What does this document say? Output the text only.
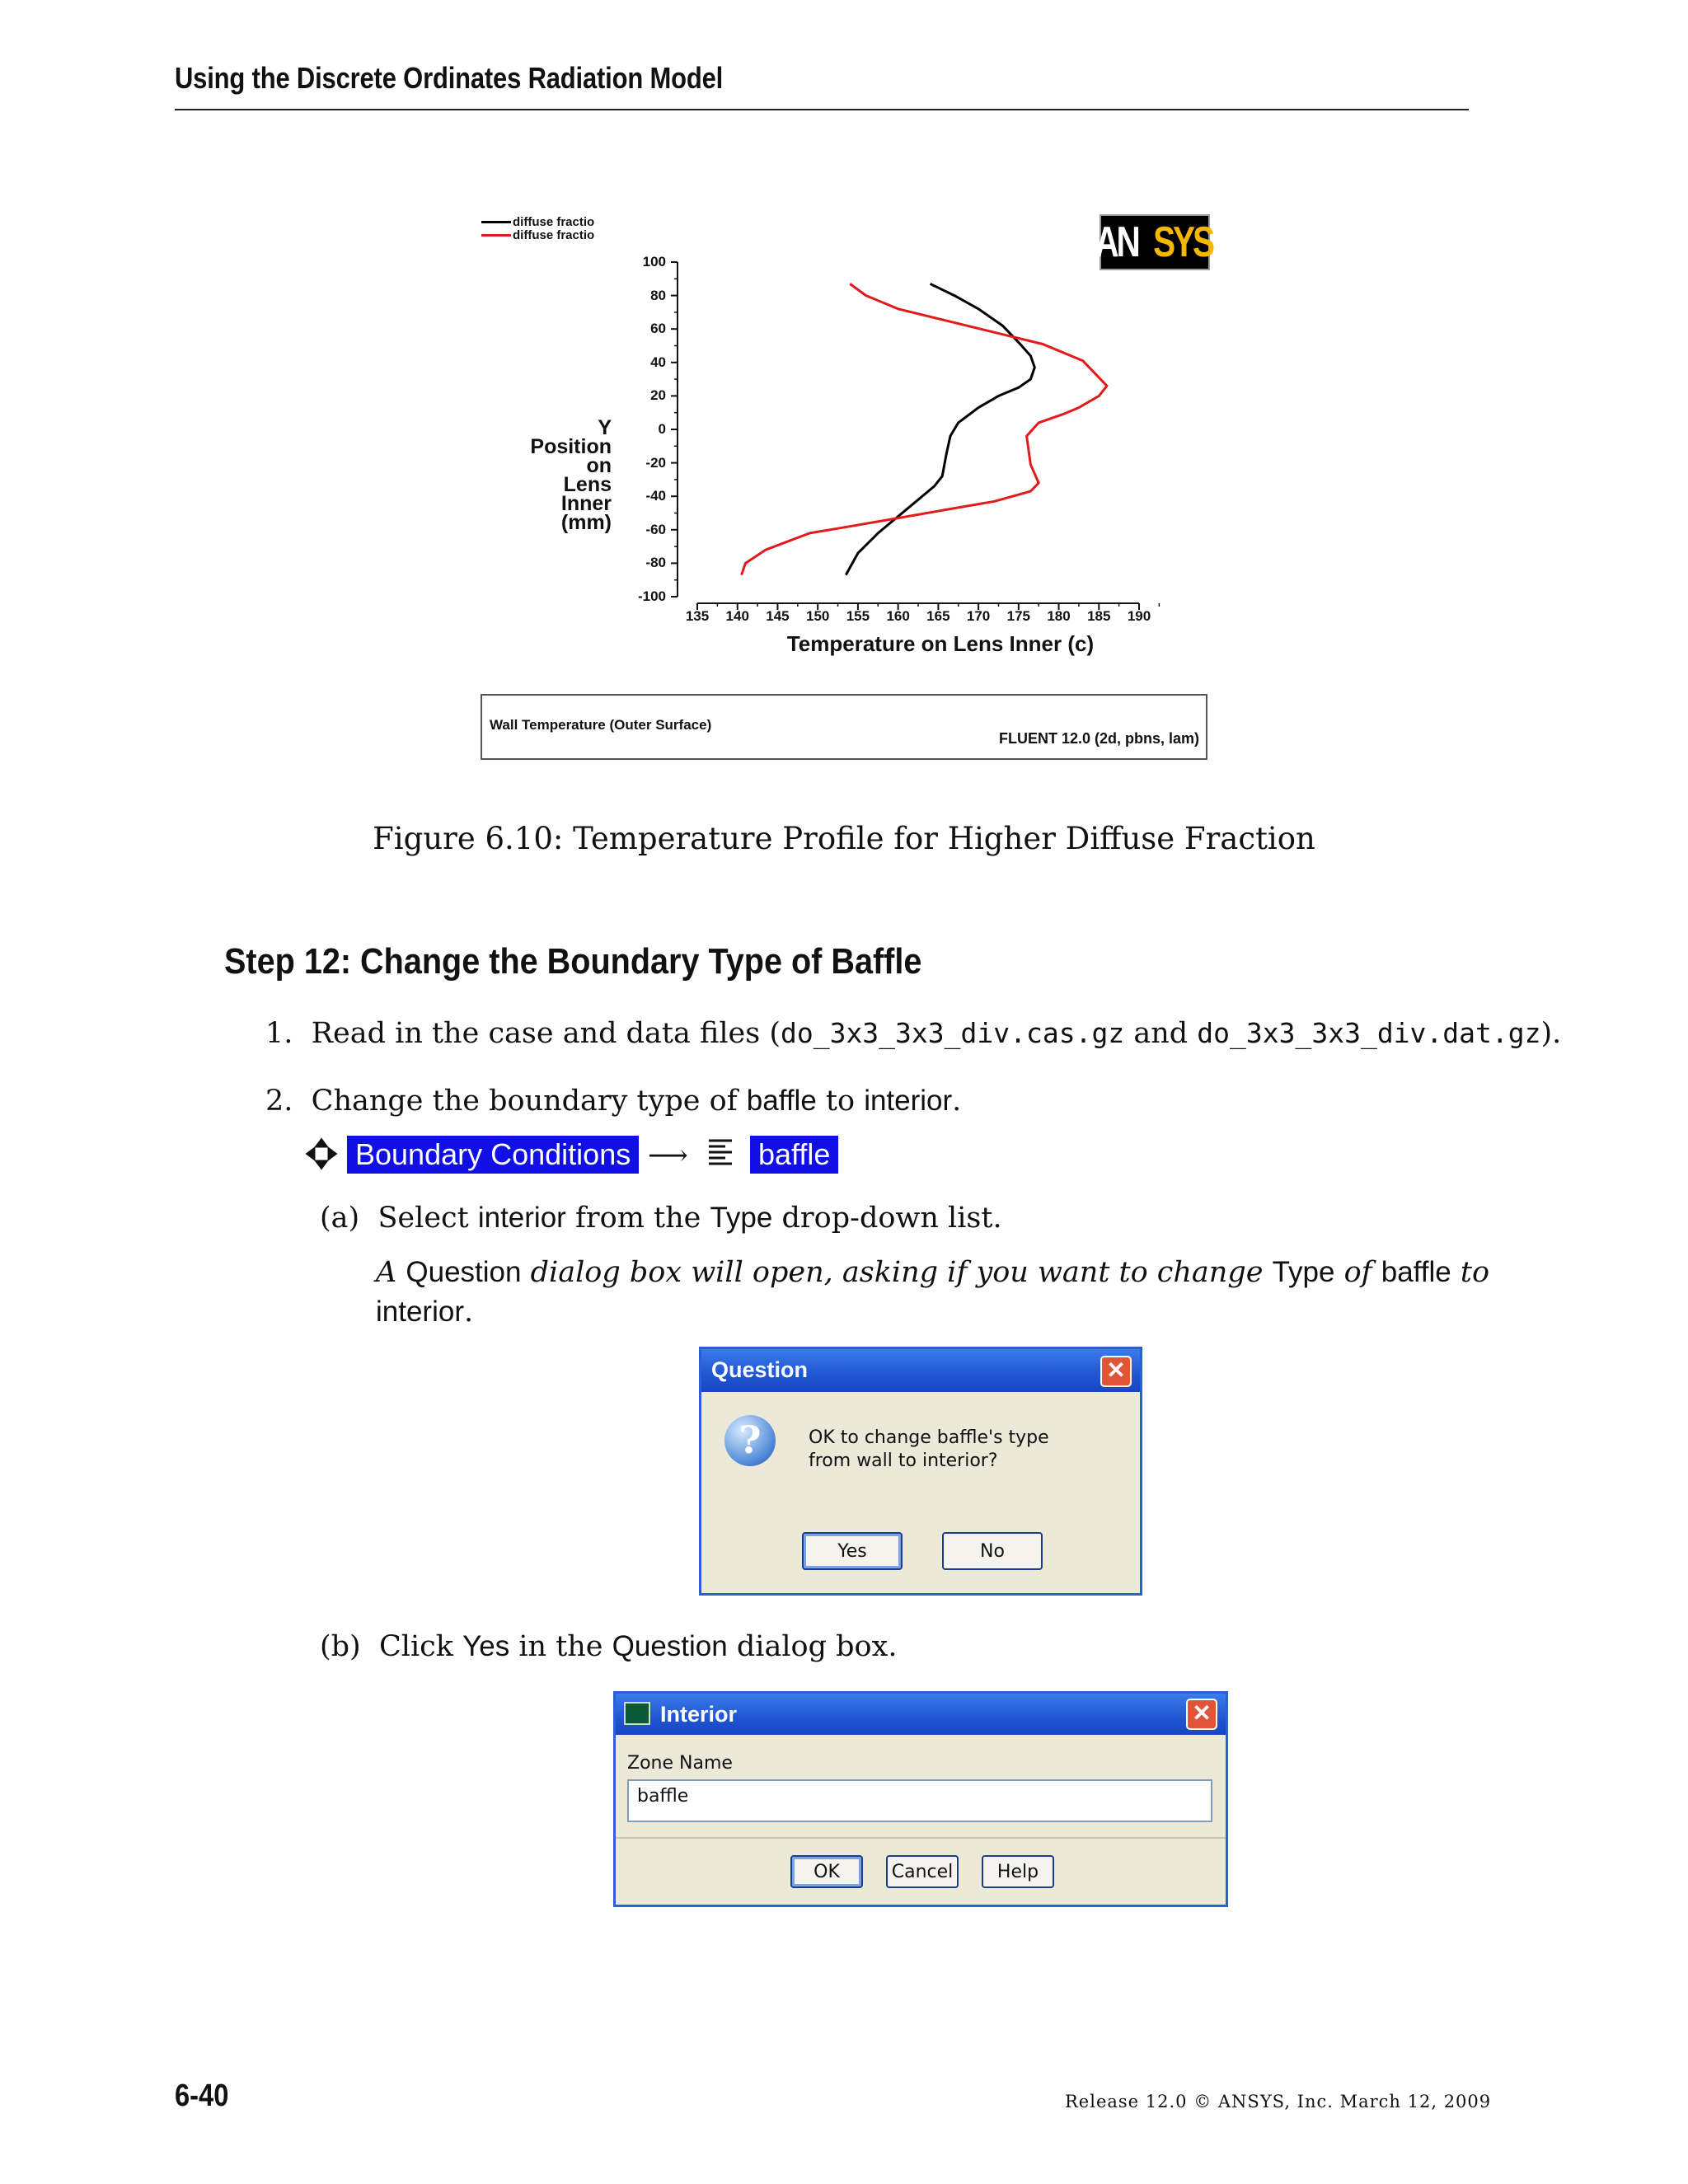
Using the Discrete Ordinates Radiation Model
diffuse fractio
diffuse fractio	AN SYS
Y
Position
on
Lens
Inner
(mm)
100
80
60
40
20
0
-20
-40
-60
-80
-100
135	140	145	150	155	160	165	170	175	180	185	190
Temperature on Lens Inner (c)
Wall Temperature (Outer Surface)
FLUENT 12.0 (2d, pbns, lam)
Figure 6.10: Temperature Profile for Higher Diffuse Fraction
Step 12: Change the Boundary Type of Baffle
1. Read in the case and data files (do_3x3_3x3_div.cas.gz and do_3x3_3x3_div.dat.gz).
2. Change the boundary type of baffle to interior.
Boundary Conditions ⟶ baffle
(a) Select interior from the Type drop-down list.
A Question dialog box will open, asking if you want to change Type of baffle to
interior.
Question	✕
?	OK to change baffle's type
from wall to interior?
Yes	No
(b) Click Yes in the Question dialog box.
Interior	✕
Zone Name
baffle
OK	Cancel	Help
6-40	Release 12.0 © ANSYS, Inc. March 12, 2009
